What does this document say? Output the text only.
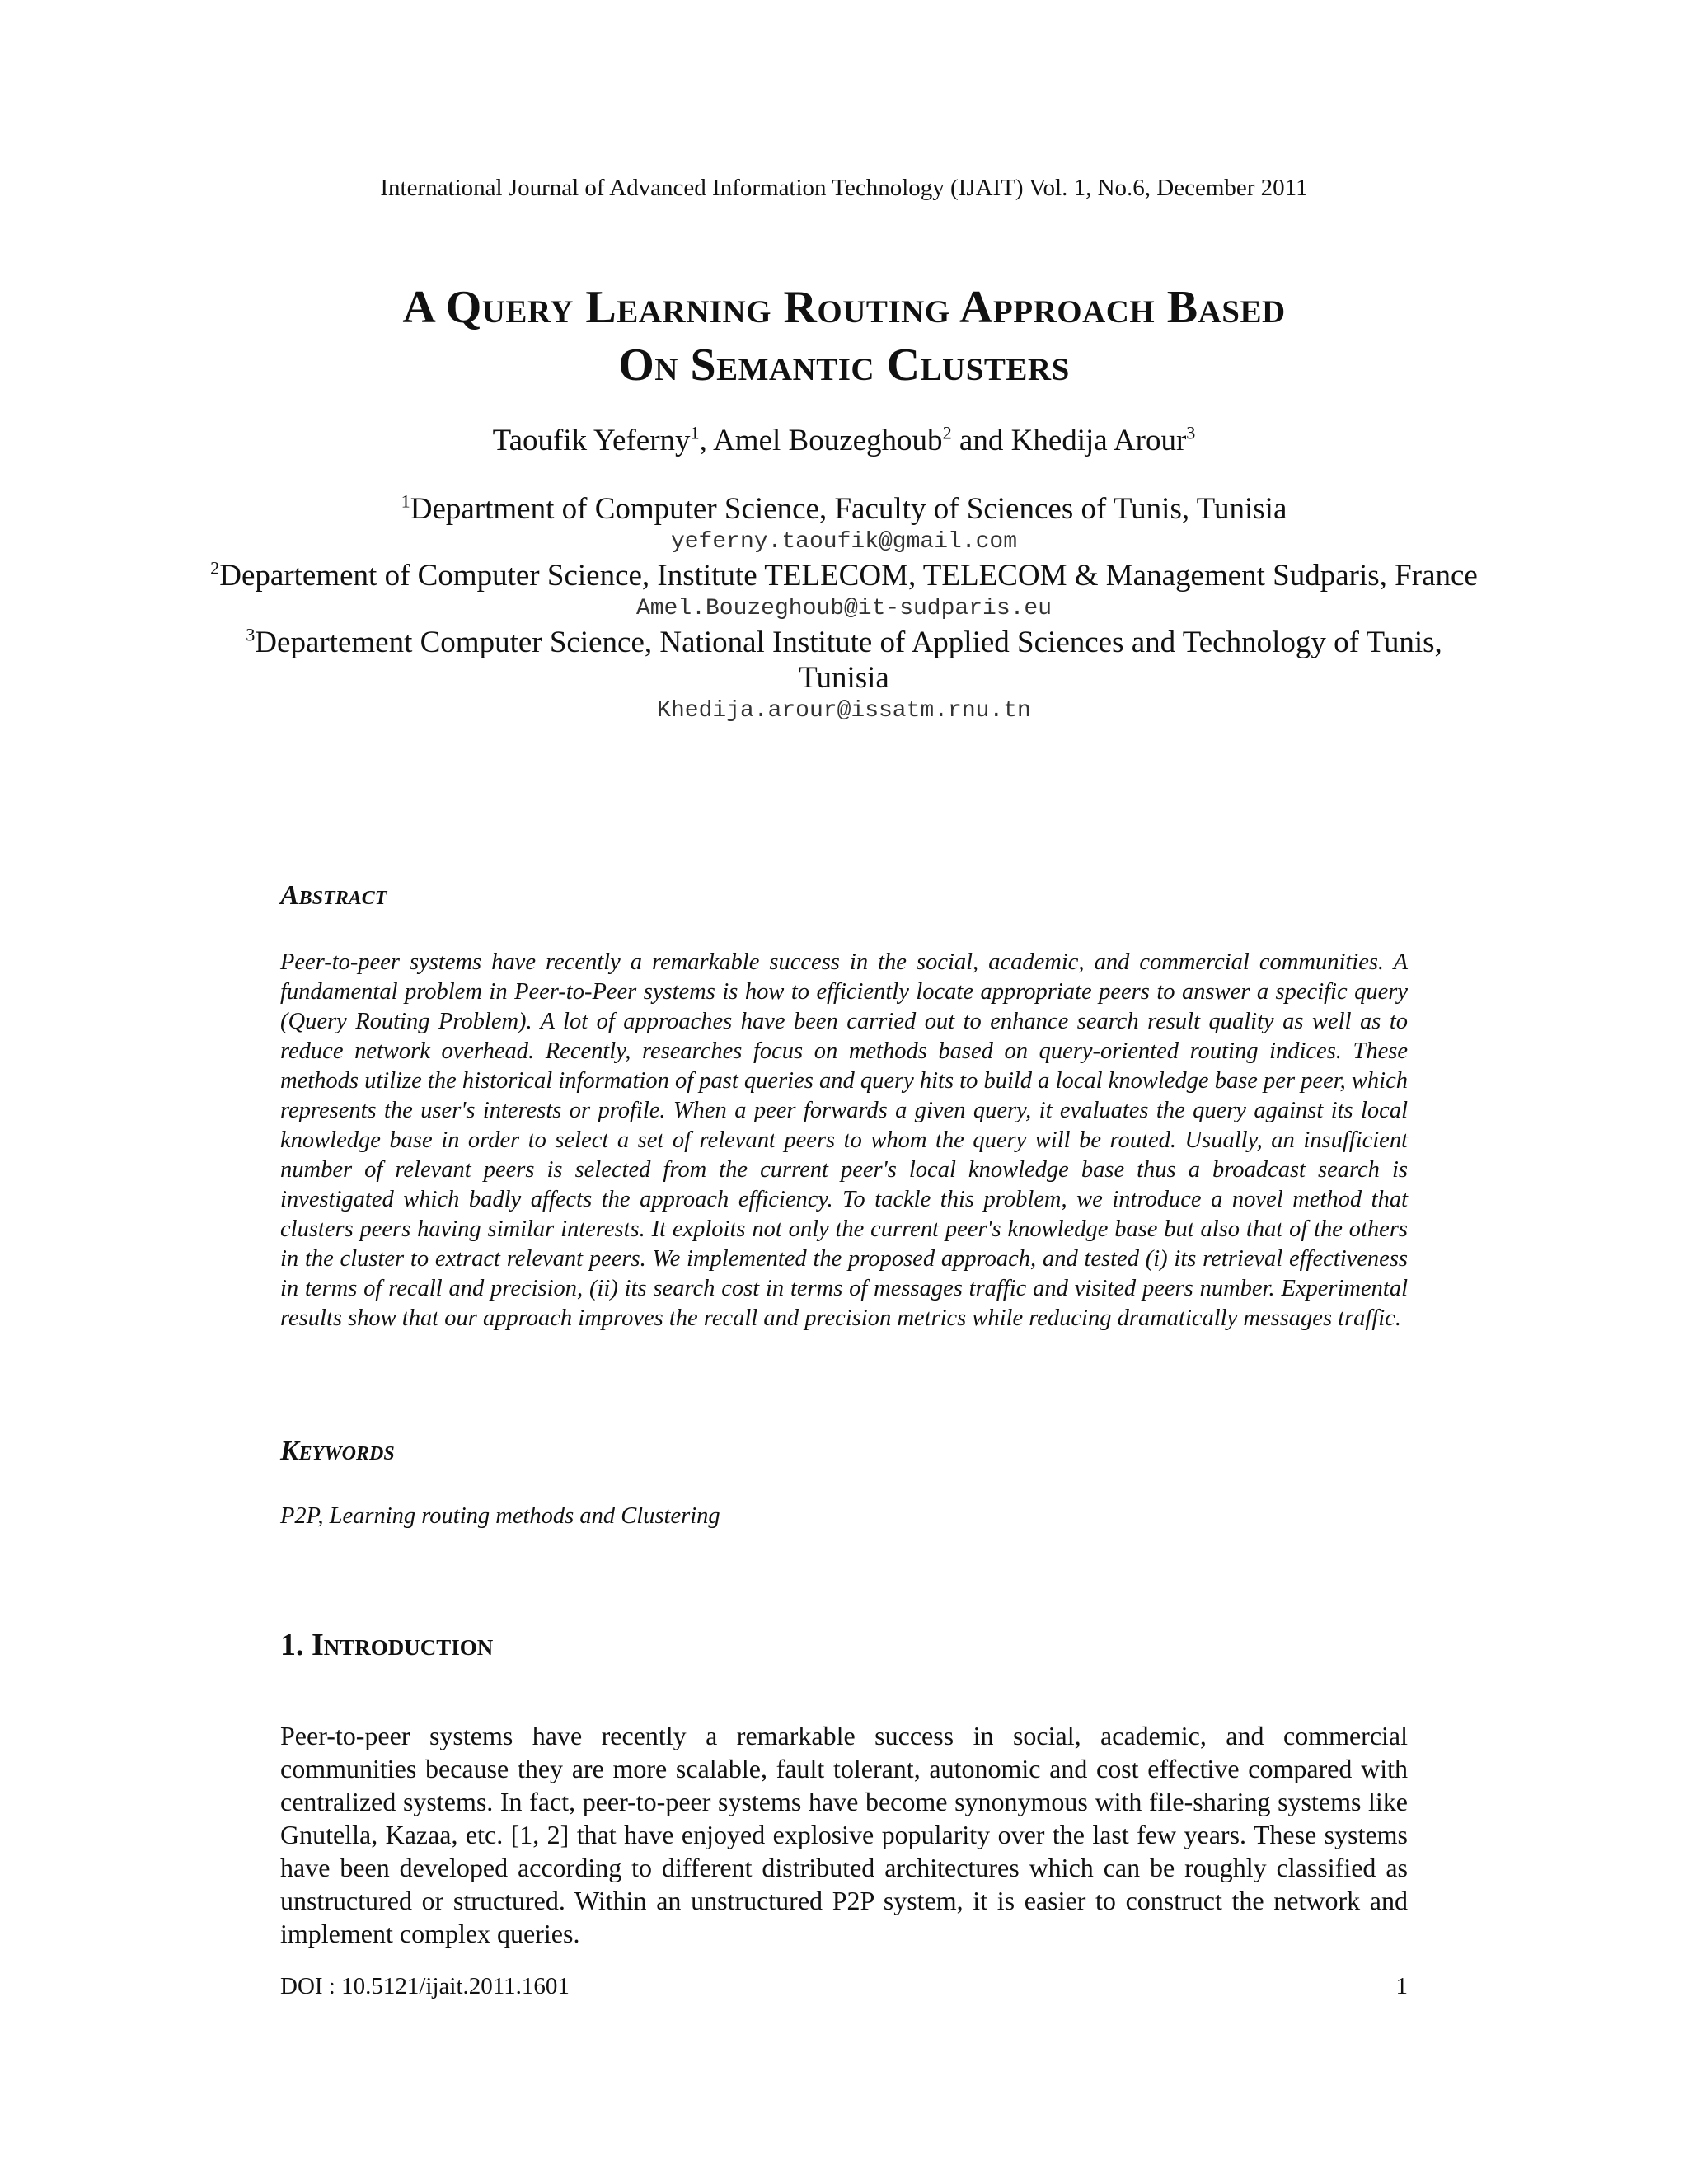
International Journal of Advanced Information Technology (IJAIT) Vol. 1, No.6, December 2011
A Query Learning Routing Approach Based
On Semantic Clusters
Taoufik Yeferny$^1$, Amel Bouzeghoub$^2$ and Khedija Arour$^3$
$^1$Department of Computer Science, Faculty of Sciences of Tunis, Tunisia
yeferny.taoufik@gmail.com
$^2$Departement of Computer Science, Institute TELECOM, TELECOM & Management Sudparis, France
Amel.Bouzeghoub@it-sudparis.eu
$^3$Departement Computer Science, National Institute of Applied Sciences and Technology of Tunis, Tunisia
Khedija.arour@issatm.rnu.tn
Abstract
Peer-to-peer systems have recently a remarkable success in the social, academic, and commercial communities. A fundamental problem in Peer-to-Peer systems is how to efficiently locate appropriate peers to answer a specific query (Query Routing Problem). A lot of approaches have been carried out to enhance search result quality as well as to reduce network overhead. Recently, researches focus on methods based on query-oriented routing indices. These methods utilize the historical information of past queries and query hits to build a local knowledge base per peer, which represents the user's interests or profile. When a peer forwards a given query, it evaluates the query against its local knowledge base in order to select a set of relevant peers to whom the query will be routed. Usually, an insufficient number of relevant peers is selected from the current peer's local knowledge base thus a broadcast search is investigated which badly affects the approach efficiency. To tackle this problem, we introduce a novel method that clusters peers having similar interests. It exploits not only the current peer's knowledge base but also that of the others in the cluster to extract relevant peers. We implemented the proposed approach, and tested (i) its retrieval effectiveness in terms of recall and precision, (ii) its search cost in terms of messages traffic and visited peers number. Experimental results show that our approach improves the recall and precision metrics while reducing dramatically messages traffic.
Keywords
P2P, Learning routing methods and Clustering
1. Introduction
Peer-to-peer systems have recently a remarkable success in social, academic, and commercial communities because they are more scalable, fault tolerant, autonomic and cost effective compared with centralized systems. In fact, peer-to-peer systems have become synonymous with file-sharing systems like Gnutella, Kazaa, etc. [1, 2] that have enjoyed explosive popularity over the last few years. These systems have been developed according to different distributed architectures which can be roughly classified as unstructured or structured. Within an unstructured P2P system, it is easier to construct the network and implement complex queries.
DOI : 10.5121/ijait.2011.1601	1
